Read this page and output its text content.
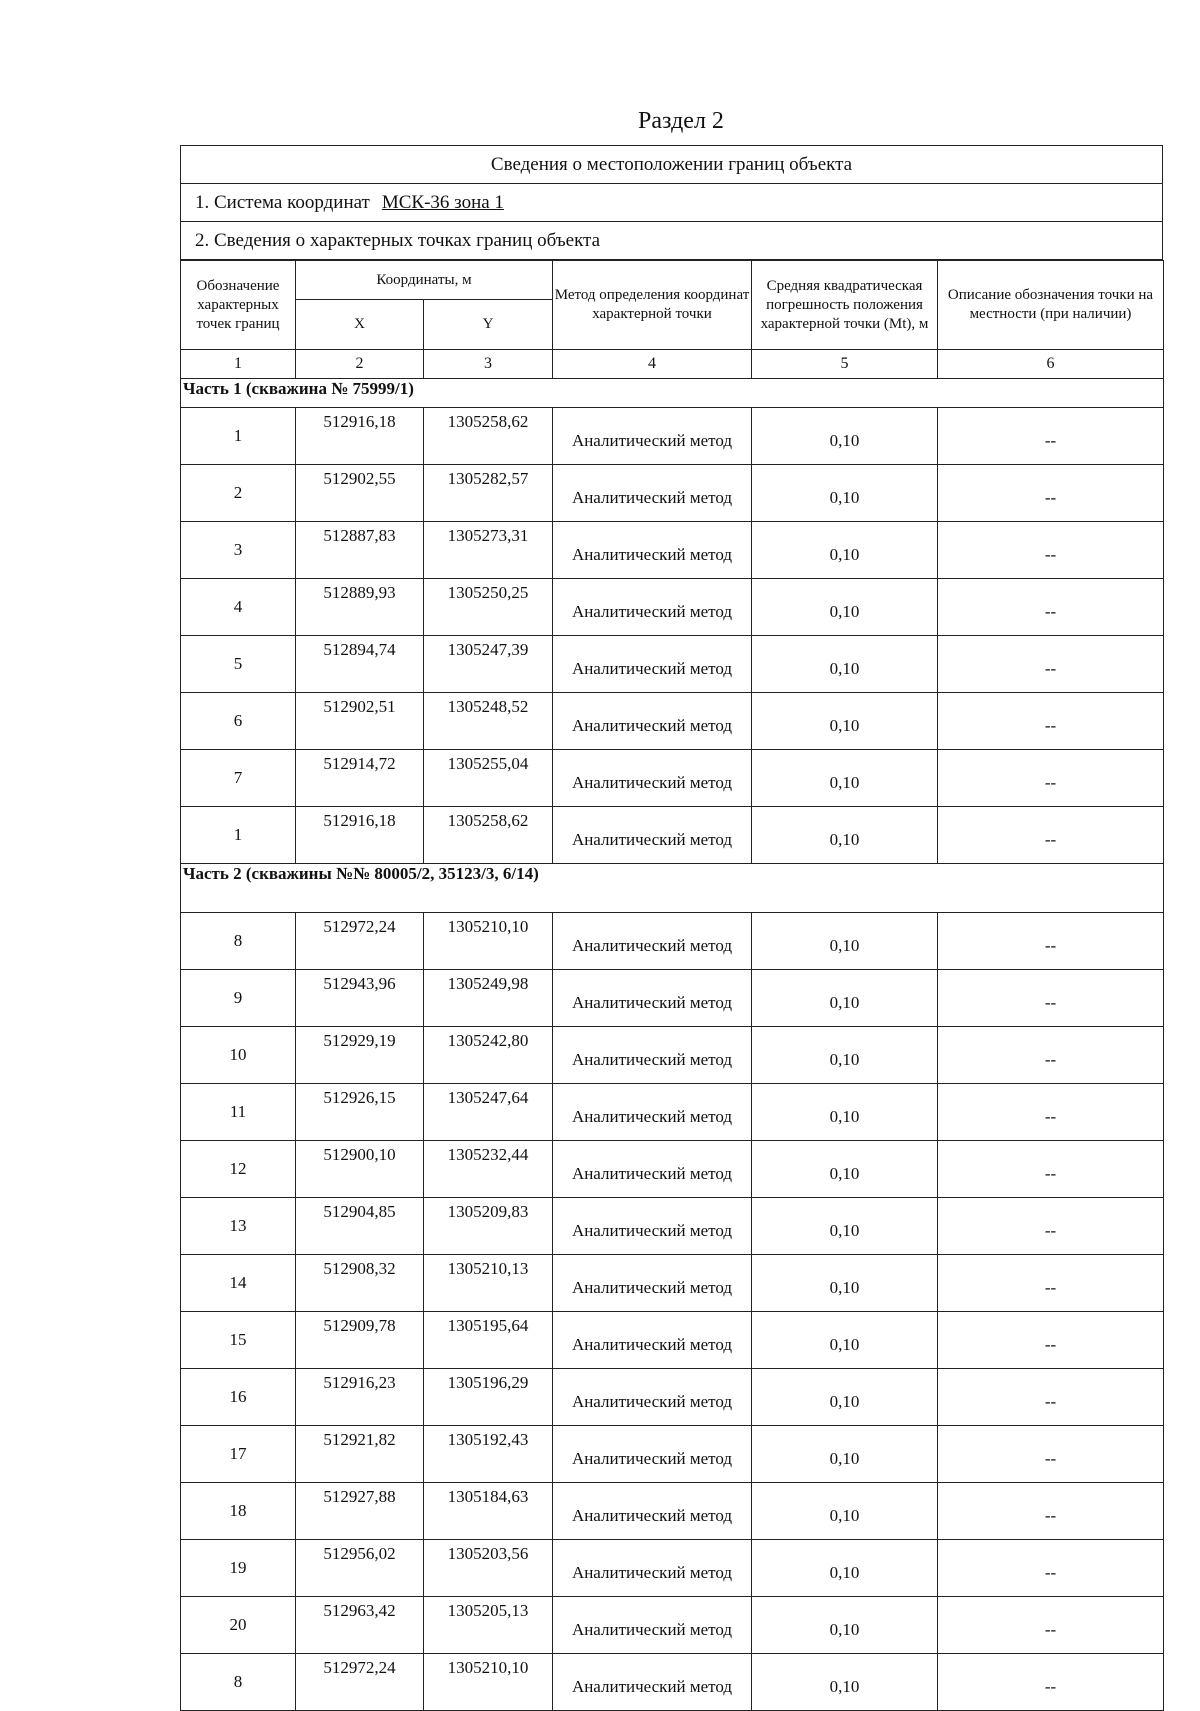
Раздел 2
Сведения о местоположении границ объекта
1. Система координат МСК-36 зона 1
2. Сведения о характерных точках границ объекта
Обозначение характерных точек границ	Координаты, м		Метод определения координат характерной точки	Средняя квадратическая погрешность положения характерной точки (Mt), м	Описание обозначения точки на местности (при наличии)
	X	Y			
1	2	3	4	5	6
Часть 1 (скважина № 75999/1)					
1	512916,18	1305258,62	Аналитический метод	0,10	--
2	512902,55	1305282,57	Аналитический метод	0,10	--
3	512887,83	1305273,31	Аналитический метод	0,10	--
4	512889,93	1305250,25	Аналитический метод	0,10	--
5	512894,74	1305247,39	Аналитический метод	0,10	--
6	512902,51	1305248,52	Аналитический метод	0,10	--
7	512914,72	1305255,04	Аналитический метод	0,10	--
1	512916,18	1305258,62	Аналитический метод	0,10	--
Часть 2 (скважины №№ 80005/2, 35123/3, 6/14)					
8	512972,24	1305210,10	Аналитический метод	0,10	--
9	512943,96	1305249,98	Аналитический метод	0,10	--
10	512929,19	1305242,80	Аналитический метод	0,10	--
11	512926,15	1305247,64	Аналитический метод	0,10	--
12	512900,10	1305232,44	Аналитический метод	0,10	--
13	512904,85	1305209,83	Аналитический метод	0,10	--
14	512908,32	1305210,13	Аналитический метод	0,10	--
15	512909,78	1305195,64	Аналитический метод	0,10	--
16	512916,23	1305196,29	Аналитический метод	0,10	--
17	512921,82	1305192,43	Аналитический метод	0,10	--
18	512927,88	1305184,63	Аналитический метод	0,10	--
19	512956,02	1305203,56	Аналитический метод	0,10	--
20	512963,42	1305205,13	Аналитический метод	0,10	--
8	512972,24	1305210,10	Аналитический метод	0,10	--
